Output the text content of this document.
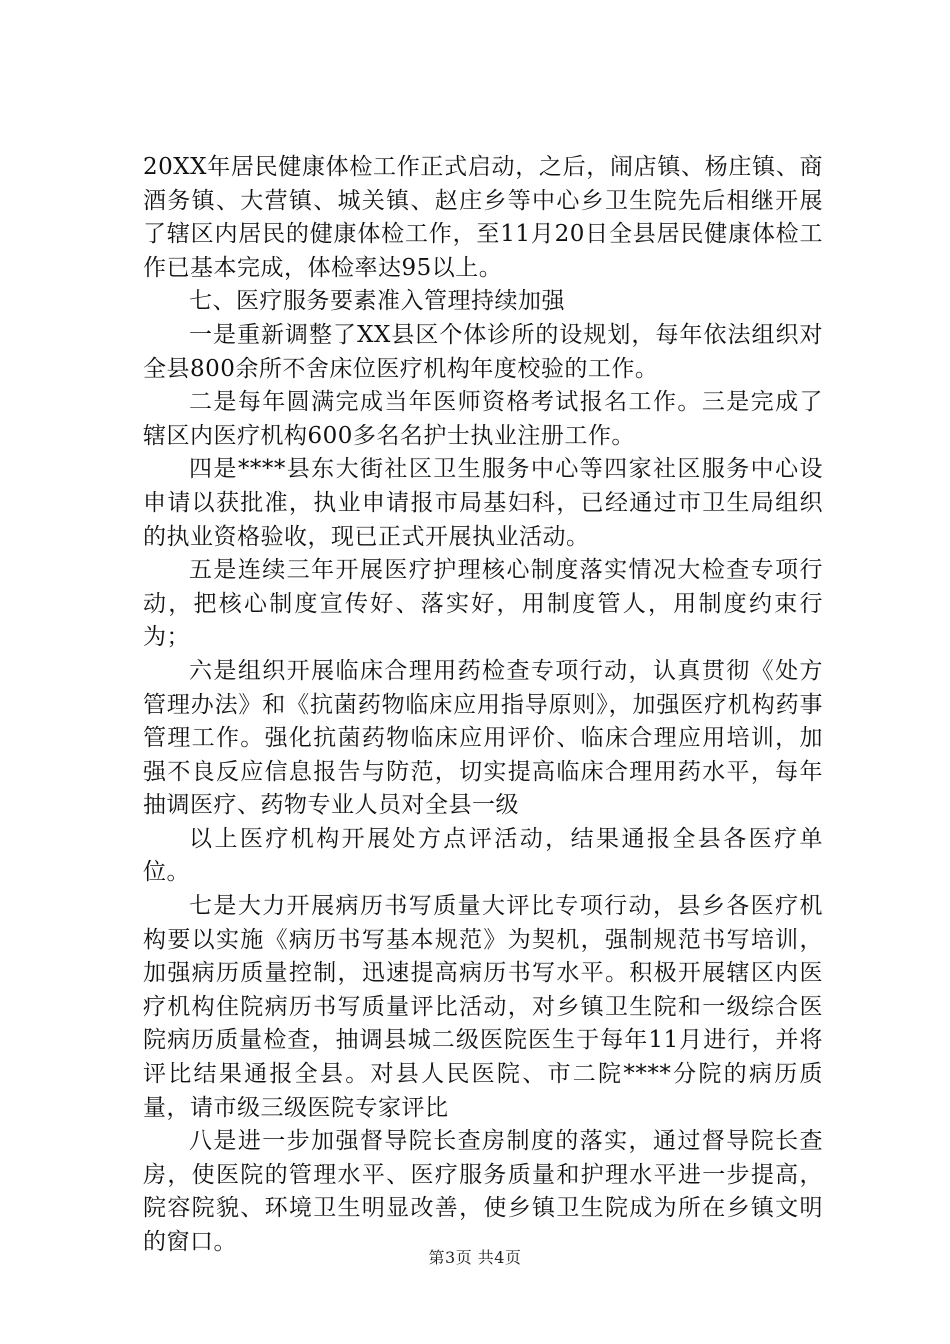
20XX年居民健康体检工作正式启动，之后，闹店镇、杨庄镇、商酒务镇、大营镇、城关镇、赵庄乡等中心乡卫生院先后相继开展了辖区内居民的健康体检工作，至11月20日全县居民健康体检工作已基本完成，体检率达95以上。

七、医疗服务要素准入管理持续加强

一是重新调整了XX县区个体诊所的设规划，每年依法组织对全县800余所不舍床位医疗机构年度校验的工作。

二是每年圆满完成当年医师资格考试报名工作。三是完成了辖区内医疗机构600多名名护士执业注册工作。

四是****县东大街社区卫生服务中心等四家社区服务中心设申请以获批准，执业申请报市局基妇科，已经通过市卫生局组织的执业资格验收，现已正式开展执业活动。

五是连续三年开展医疗护理核心制度落实情况大检查专项行动，把核心制度宣传好、落实好，用制度管人，用制度约束行为；

六是组织开展临床合理用药检查专项行动，认真贯彻《处方管理办法》和《抗菌药物临床应用指导原则》，加强医疗机构药事管理工作。强化抗菌药物临床应用评价、临床合理应用培训，加强不良反应信息报告与防范，切实提高临床合理用药水平，每年抽调医疗、药物专业人员对全县一级

以上医疗机构开展处方点评活动，结果通报全县各医疗单位。

七是大力开展病历书写质量大评比专项行动，县乡各医疗机构要以实施《病历书写基本规范》为契机，强制规范书写培训，加强病历质量控制，迅速提高病历书写水平。积极开展辖区内医疗机构住院病历书写质量评比活动，对乡镇卫生院和一级综合医院病历质量检查，抽调县城二级医院医生于每年11月进行，并将评比结果通报全县。对县人民医院、市二院****分院的病历质量，请市级三级医院专家评比

八是进一步加强督导院长查房制度的落实，通过督导院长查房，使医院的管理水平、医疗服务质量和护理水平进一步提高，院容院貌、环境卫生明显改善，使乡镇卫生院成为所在乡镇文明的窗口。

第3页 共4页
